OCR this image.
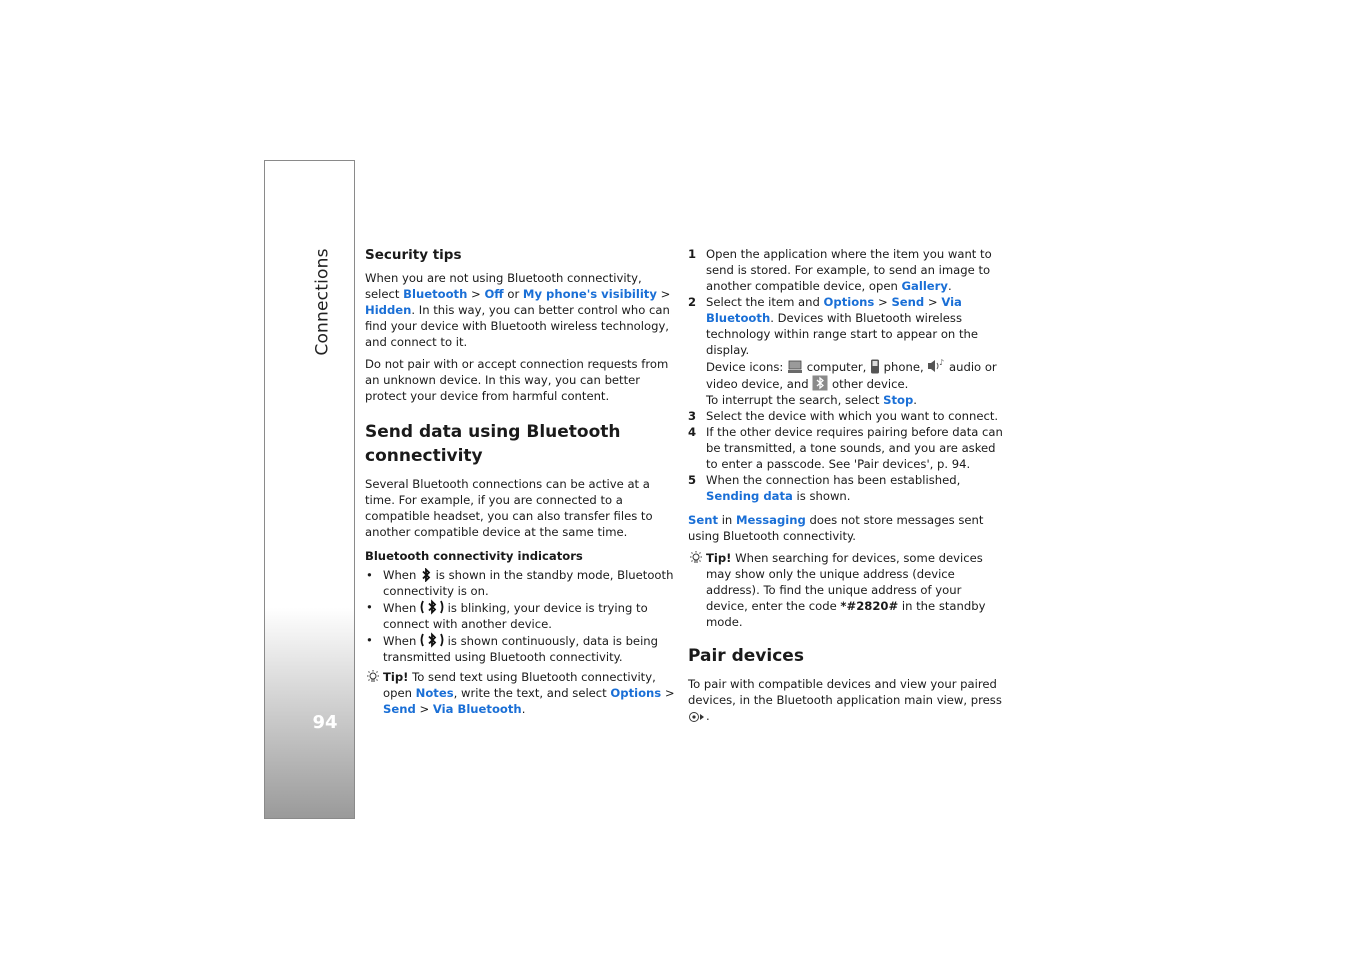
Connections
94
Security tips

When you are not using Bluetooth connectivity, select Bluetooth > Off or My phone's visibility > Hidden. In this way, you can better control who can find your device with Bluetooth wireless technology, and connect to it.

Do not pair with or accept connection requests from an unknown device. In this way, you can better protect your device from harmful content.

Send data using Bluetooth connectivity

Several Bluetooth connections can be active at a time. For example, if you are connected to a compatible headset, you can also transfer files to another compatible device at the same time.

Bluetooth connectivity indicators
• When  is shown in the standby mode, Bluetooth connectivity is on.
• When  is blinking, your device is trying to connect with another device.
• When  is shown continuously, data is being transmitted using Bluetooth connectivity.
Tip! To send text using Bluetooth connectivity, open Notes, write the text, and select Options > Send > Via Bluetooth.
1 Open the application where the item you want to send is stored. For example, to send an image to another compatible device, open Gallery.
2 Select the item and Options > Send > Via Bluetooth. Devices with Bluetooth wireless technology within range start to appear on the display.
Device icons:  computer,  phone, ♪ audio or video device, and  other device.
To interrupt the search, select Stop.
3 Select the device with which you want to connect.
4 If the other device requires pairing before data can be transmitted, a tone sounds, and you are asked to enter a passcode. See 'Pair devices', p. 94.
5 When the connection has been established, Sending data is shown.

Sent in Messaging does not store messages sent using Bluetooth connectivity.

Tip! When searching for devices, some devices may show only the unique address (device address). To find the unique address of your device, enter the code *#2820# in the standby mode.
Pair devices

To pair with compatible devices and view your paired devices, in the Bluetooth application main view, press .
